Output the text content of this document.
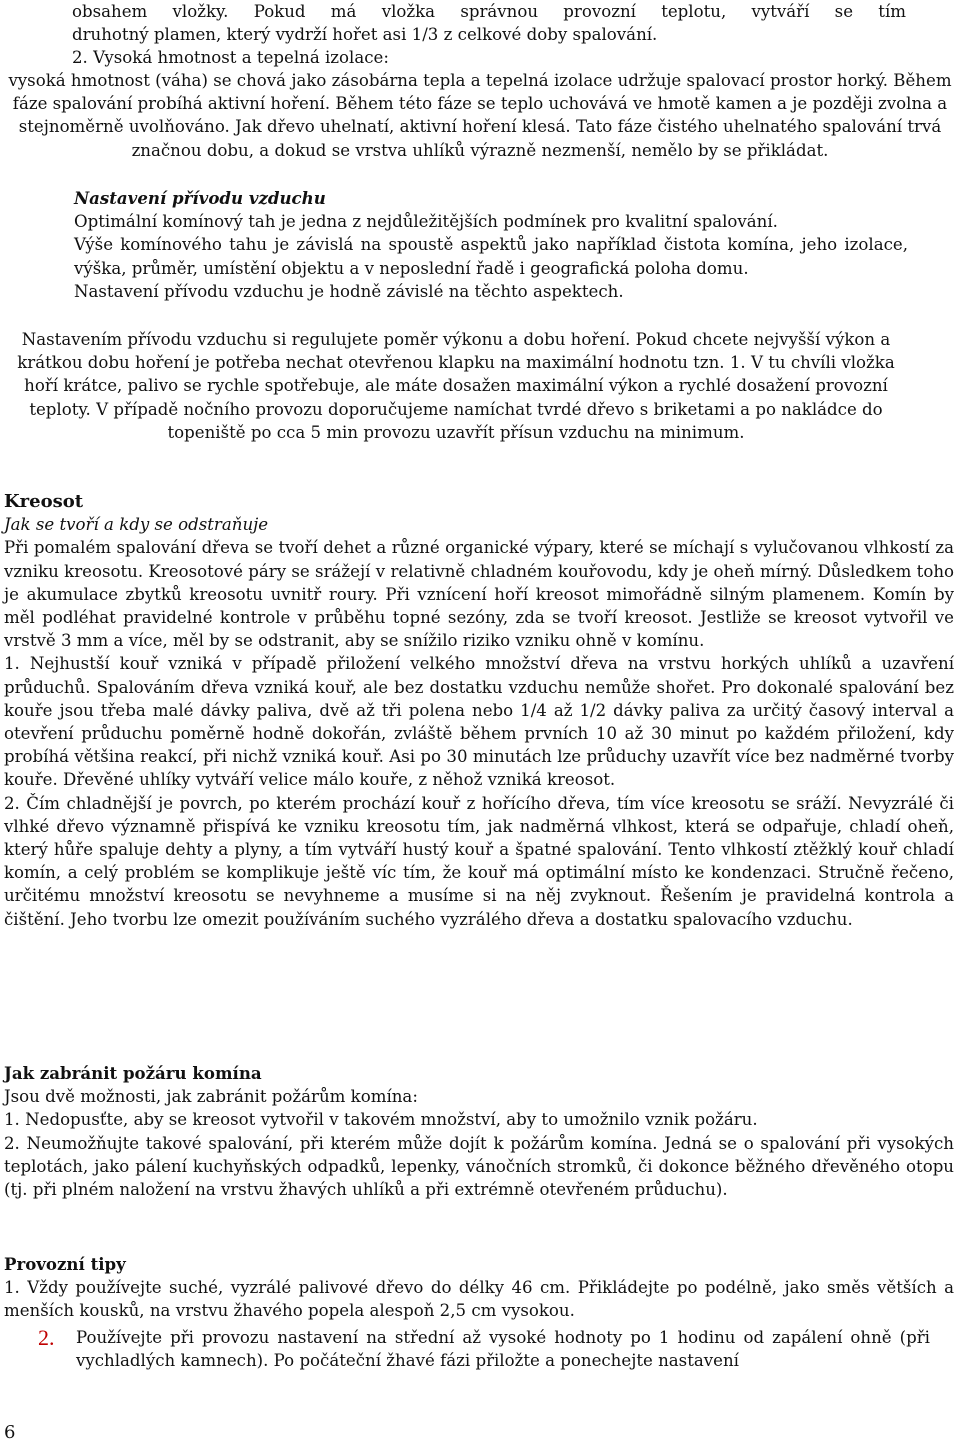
obsahem vložky. Pokud má vložka správnou provozní teplotu, vytváří se tím

druhotný plamen, který vydrží hořet asi 1/3 z celkové doby spalování.

2. Vysoká hmotnost a tepelná izolace:

vysoká hmotnost (váha) se chová jako zásobárna tepla a tepelná izolace udržuje spalovací prostor horký. Během fáze spalování probíhá aktivní hoření. Během této fáze se teplo uchovává ve hmotě kamen a je později zvolna a stejnoměrně uvolňováno. Jak dřevo uhelnatí, aktivní hoření klesá. Tato fáze čistého uhelnatého spalování trvá značnou dobu, a dokud se vrstva uhlíků výrazně nezmenší, nemělo by se přikládat.

Nastavení přívodu vzduchu

Optimální komínový tah je jedna z nejdůležitějších podmínek pro kvalitní spalování.

Výše komínového tahu je závislá na spoustě aspektů jako například čistota komína, jeho izolace, výška, průměr, umístění objektu a v neposlední řadě i geografická poloha domu.

Nastavení přívodu vzduchu je hodně závislé na těchto aspektech.

Nastavením přívodu vzduchu si regulujete poměr výkonu a dobu hoření. Pokud chcete nejvyšší výkon a krátkou dobu hoření je potřeba nechat otevřenou klapku na maximální hodnotu tzn. 1. V tu chvíli vložka hoří krátce, palivo se rychle spotřebuje, ale máte dosažen maximální výkon a rychlé dosažení provozní teploty. V případě nočního provozu doporučujeme namíchat tvrdé dřevo s briketami a po nakládce do topeniště po cca 5 min provozu uzavřít přísun vzduchu na minimum.

Kreosot

Jak se tvoří a kdy se odstraňuje

Při pomalém spalování dřeva se tvoří dehet a různé organické výpary, které se míchají s vylučovanou vlhkostí za vzniku kreosotu. Kreosotové páry se srážejí v relativně chladném kouřovodu, kdy je oheň mírný. Důsledkem toho je akumulace zbytků kreosotu uvnitř roury. Při vznícení hoří kreosot mimořádně silným plamenem. Komín by měl podléhat pravidelné kontrole v průběhu topné sezóny, zda se tvoří kreosot. Jestliže se kreosot vytvořil ve vrstvě 3 mm a více, měl by se odstranit, aby se snížilo riziko vzniku ohně v komínu.

1. Nejhustší kouř vzniká v případě přiložení velkého množství dřeva na vrstvu horkých uhlíků a uzavření průduchů. Spalováním dřeva vzniká kouř, ale bez dostatku vzduchu nemůže shořet. Pro dokonalé spalování bez kouře jsou třeba malé dávky paliva, dvě až tři polena nebo 1/4 až 1/2 dávky paliva za určitý časový interval a otevření průduchu poměrně hodně dokořán, zvláště během prvních 10 až 30 minut po každém přiložení, kdy probíhá většina reakcí, při nichž vzniká kouř. Asi po 30 minutách lze průduchy uzavřít více bez nadměrné tvorby kouře. Dřevěné uhlíky vytváří velice málo kouře, z něhož vzniká kreosot.

2. Čím chladnější je povrch, po kterém prochází kouř z hořícího dřeva, tím více kreosotu se sráží. Nevyzrálé či vlhké dřevo významně přispívá ke vzniku kreosotu tím, jak nadměrná vlhkost, která se odpařuje, chladí oheň, který hůře spaluje dehty a plyny, a tím vytváří hustý kouř a špatné spalování. Tento vlhkostí ztěžklý kouř chladí komín, a celý problém se komplikuje ještě víc tím, že kouř má optimální místo ke kondenzaci. Stručně řečeno, určitému množství kreosotu se nevyhneme a musíme si na něj zvyknout. Řešením je pravidelná kontrola a čištění. Jeho tvorbu lze omezit používáním suchého vyzrálého dřeva a dostatku spalovacího vzduchu.

Jak zabránit požáru komína

Jsou dvě možnosti, jak zabránit požárům komína:

1. Nedopusťte, aby se kreosot vytvořil v takovém množství, aby to umožnilo vznik požáru.

2. Neumožňujte takové spalování, při kterém může dojít k požárům komína. Jedná se o spalování při vysokých teplotách, jako pálení kuchyňských odpadků, lepenky, vánočních stromků, či dokonce běžného dřevěného otopu (tj. při plném naložení na vrstvu žhavých uhlíků a při extrémně otevřeném průduchu).

Provozní tipy

1. Vždy používejte suché, vyzrálé palivové dřevo do délky 46 cm. Přikládejte po podélně, jako směs větších a menších kousků, na vrstvu žhavého popela alespoň 2,5 cm vysokou.

2.	Používejte při provozu nastavení na střední až vysoké hodnoty po 1 hodinu od zapálení ohně (při vychladlých kamnech). Po počáteční žhavé fázi přiložte a ponechejte nastavení
6
